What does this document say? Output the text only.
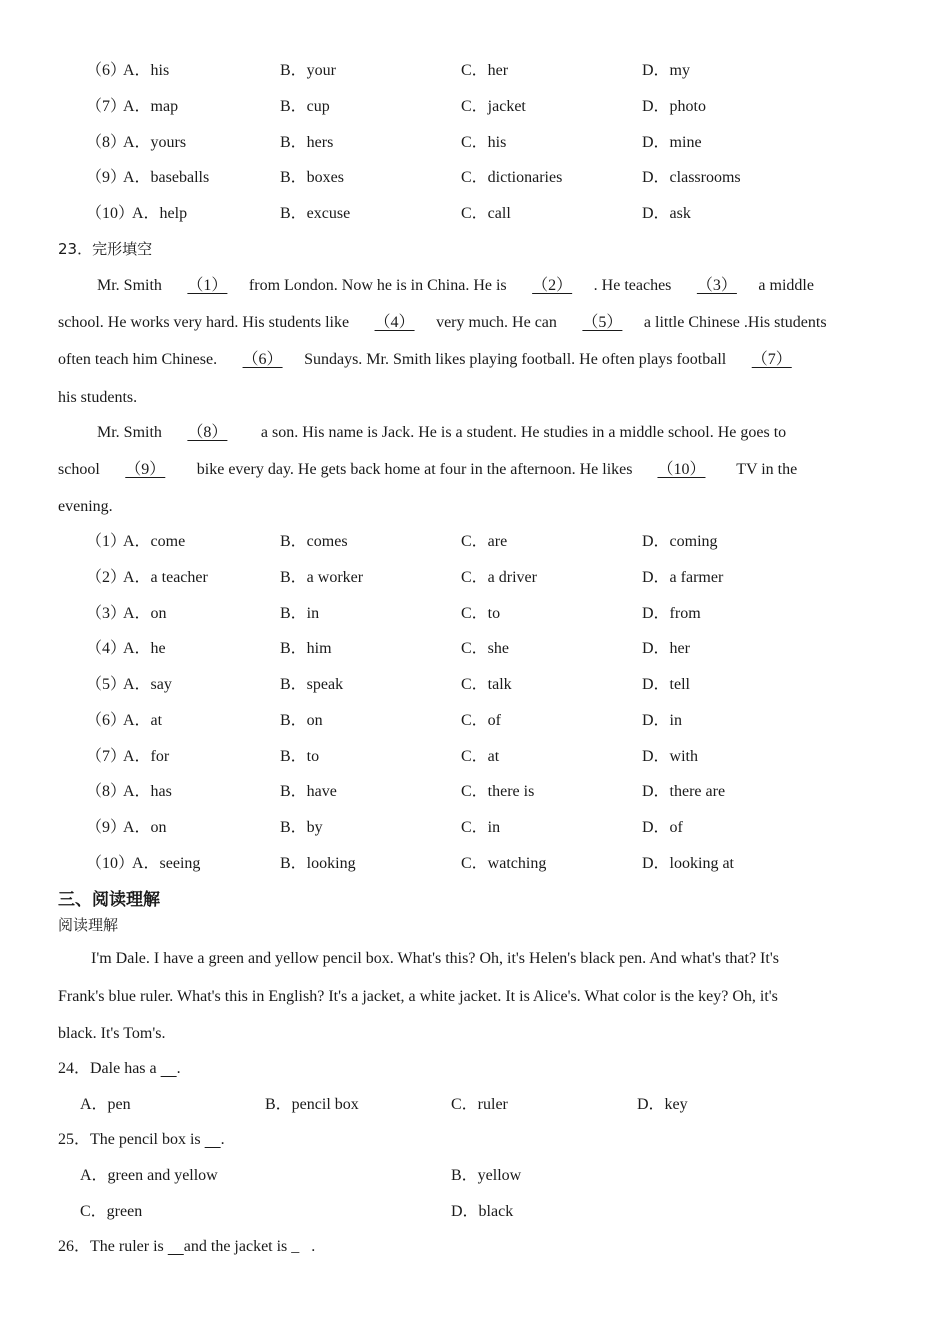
（6）
A．his	B．your	C．her	D．my
（7）
A．map	B．cup	C．jacket	D．photo
（8）
A．yours	B．hers	C．his	D．mine
（9）
A．baseballs	B．boxes	C．dictionaries	D．classrooms
（10）
A．help	B．excuse	C．call	D．ask
23．完形填空
Mr. Smith （1） from London. Now he is in China. He is （2） . He teaches （3） a middle
school. He works very hard. His students like （4） very much. He can （5） a little Chinese .His students
often teach him Chinese. （6） Sundays. Mr. Smith likes playing football. He often plays football （7）
his students.
Mr. Smith （8） a son. His name is Jack. He is a student. He studies in a middle school. He goes to
school （9） bike every day. He gets back home at four in the afternoon. He likes （10） TV in the
evening.
（1）
A．come	B．comes	C．are	D．coming
（2）
A．a teacher	B．a worker	C．a driver	D．a farmer
（3）
A．on	B．in	C．to	D．from
（4）
A．he	B．him	C．she	D．her
（5）
A．say	B．speak	C．talk	D．tell
（6）
A．at	B．on	C．of	D．in
（7）
A．for	B．to	C．at	D．with
（8）
A．has	B．have	C．there is	D．there are
（9）
A．on	B．by	C．in	D．of
（10）
A．seeing	B．looking	C．watching	D．looking at
三、阅读理解
阅读理解
I'm Dale. I have a green and yellow pencil box. What's this? Oh, it's Helen's black pen. And what's that? It's
Frank's blue ruler. What's this in English? It's a jacket, a white jacket. It is Alice's. What color is the key? Oh, it's
black. It's Tom's.
24．Dale has a     .
A．pen	B．pencil box	C．ruler	D．key
25．The pencil box is     .
A．green and yellow	B．yellow
C．green	D．black
26．The ruler is     and the jacket is _   .
